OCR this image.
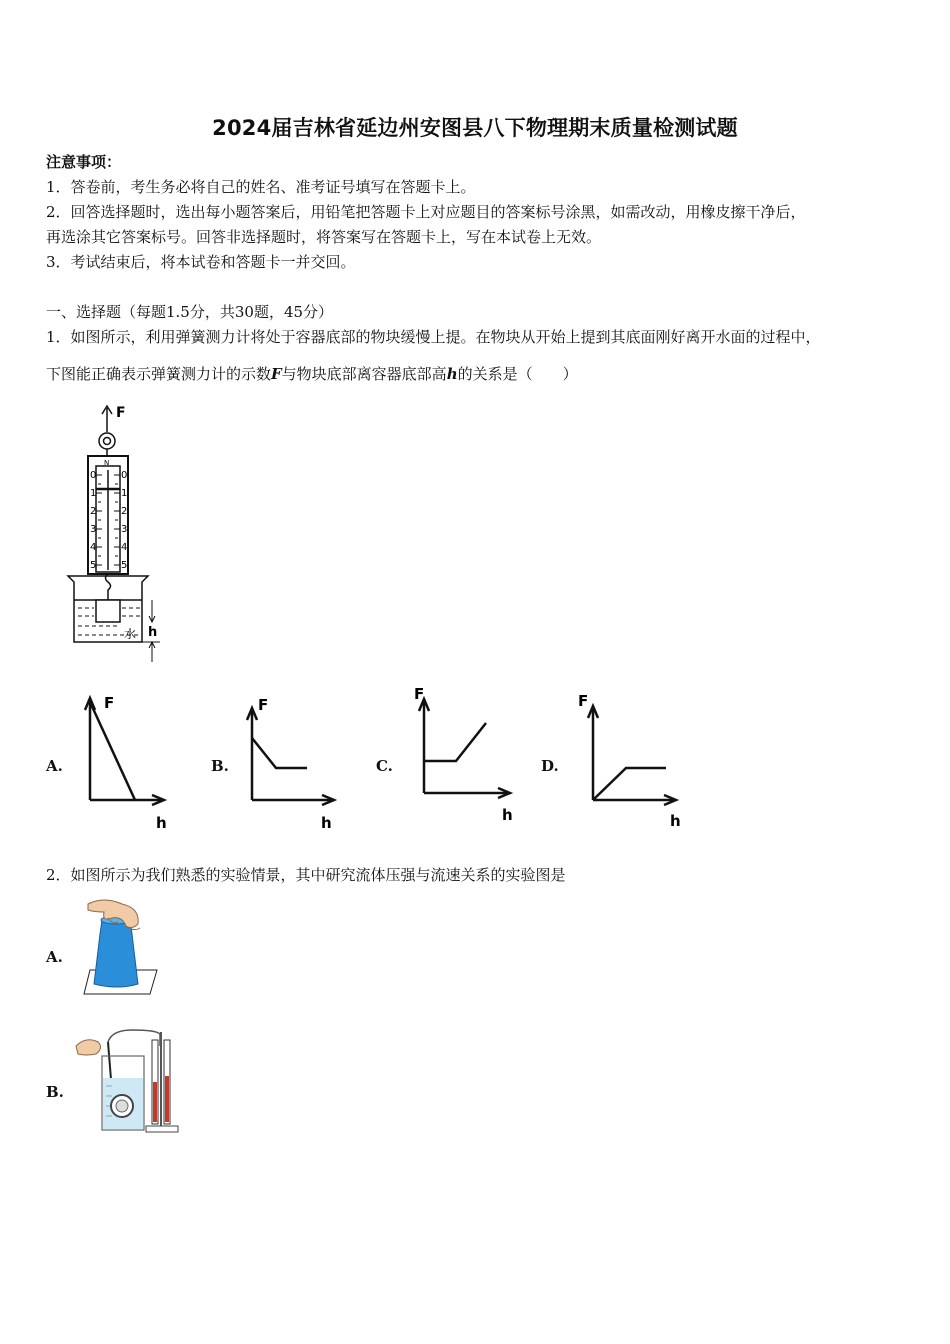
2024届吉林省延边州安图县八下物理期末质量检测试题
注意事项：
1．答卷前，考生务必将自己的姓名、准考证号填写在答题卡上。
2．回答选择题时，选出每小题答案后，用铅笔把答题卡上对应题目的答案标号涂黑，如需改动，用橡皮擦干净后，
再选涂其它答案标号。回答非选择题时，将答案写在答题卡上，写在本试卷上无效。
3．考试结束后，将本试卷和答题卡一并交回。
一、选择题（每题1.5分，共30题，45分）
1．如图所示，利用弹簧测力计将处于容器底部的物块缓慢上提。在物块从开始上提到其底面刚好离开水面的过程中，
下图能正确表示弹簧测力计的示数F与物块底部离容器底部高h的关系是（　　）
F
N
0
1
2
3
4
5
0
1
2
3
4
5
水 h
A.	B.	C.	D.
F
h
F
h
F
h
F
h
2．如图所示为我们熟悉的实验情景，其中研究流体压强与流速关系的实验图是
A.
B.
